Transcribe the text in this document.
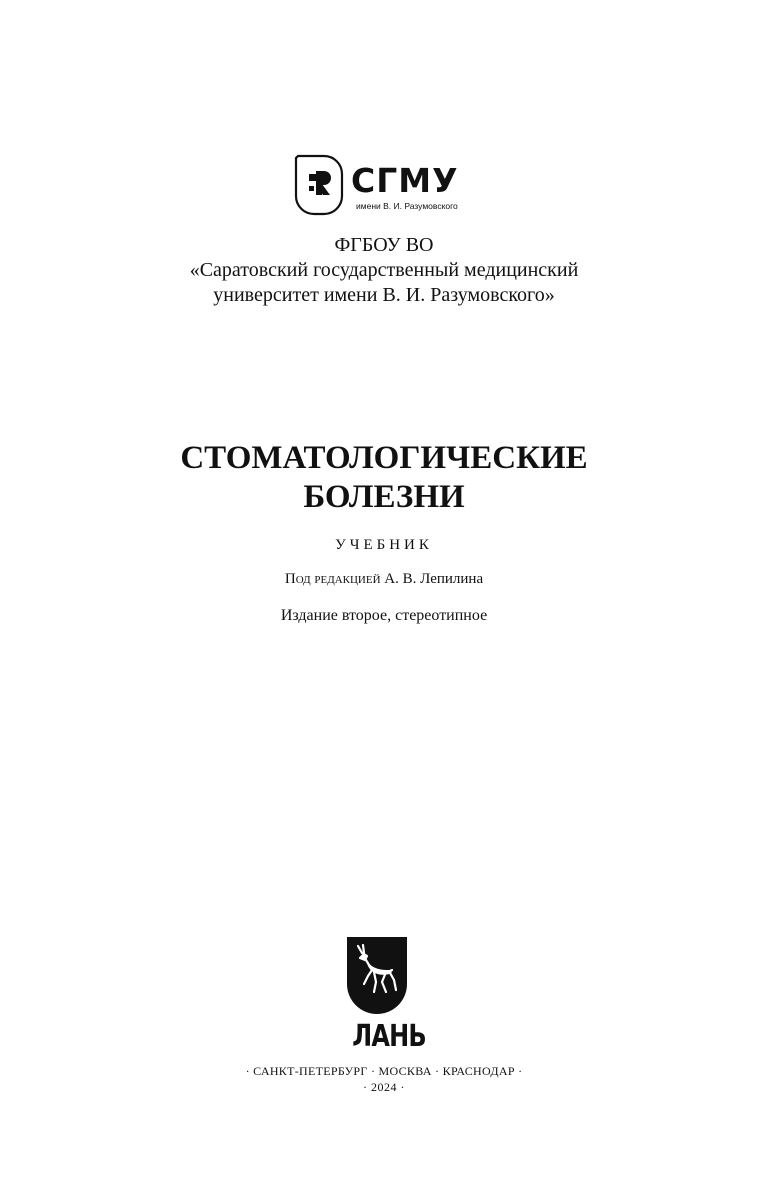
СГМУ
имени В. И. Разумовского
ФГБОУ ВО
«Саратовский государственный медицинский
университет имени В. И. Разумовского»
СТОМАТОЛОГИЧЕСКИЕ
БОЛЕЗНИ
УЧЕБНИК
Под редакцией А. В. Лепилина
Издание второе, стереотипное
ЛАНЬ
· САНКТ-ПЕТЕРБУРГ · МОСКВА · КРАСНОДАР ·
· 2024 ·
